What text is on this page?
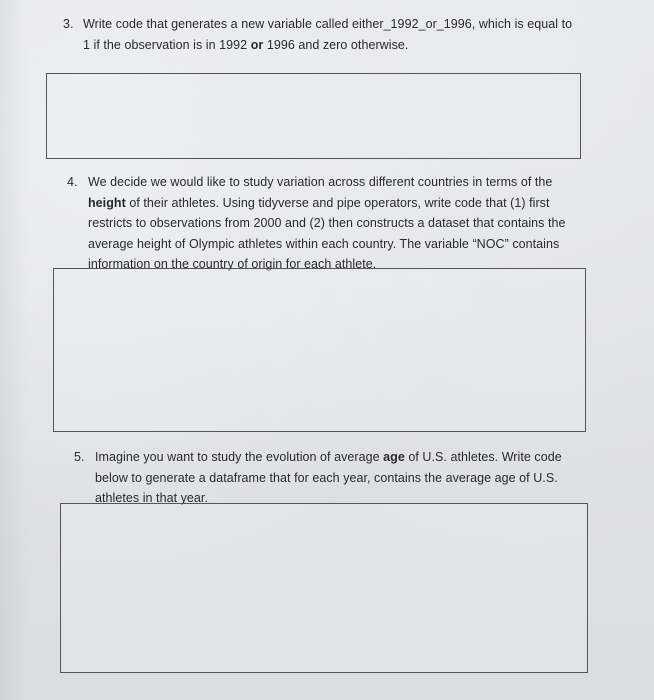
3. Write code that generates a new variable called either_1992_or_1996, which is equal to
1 if the observation is in 1992 or 1996 and zero otherwise.
4. We decide we would like to study variation across different countries in terms of the
height of their athletes. Using tidyverse and pipe operators, write code that (1) first
restricts to observations from 2000 and (2) then constructs a dataset that contains the
average height of Olympic athletes within each country. The variable “NOC” contains
information on the country of origin for each athlete.
5. Imagine you want to study the evolution of average age of U.S. athletes. Write code
below to generate a dataframe that for each year, contains the average age of U.S.
athletes in that year.
